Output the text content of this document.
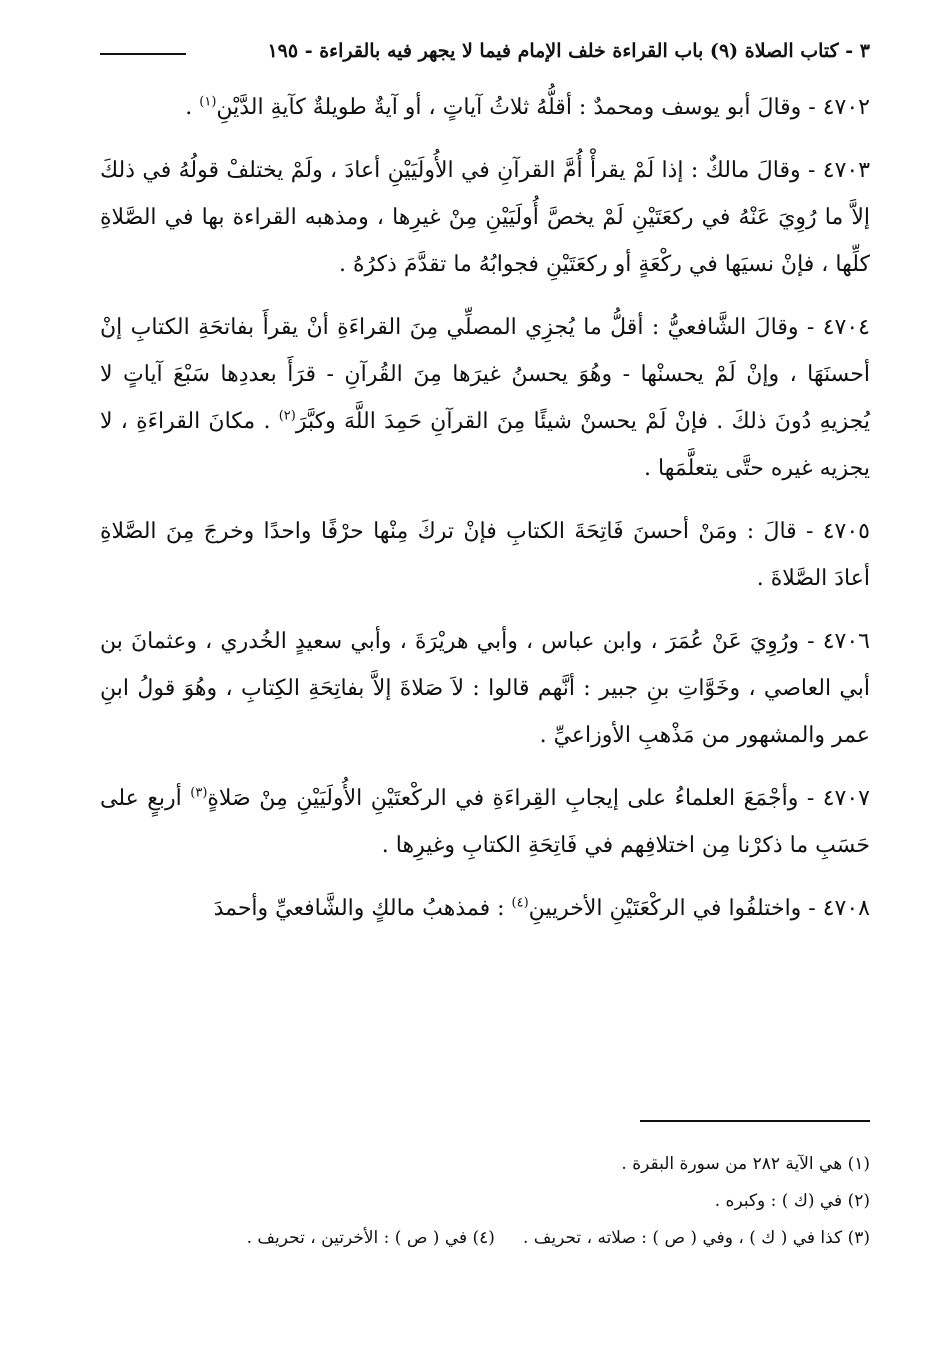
٣ - كتاب الصلاة (٩) باب القراءة خلف الإمام فيما لا يجهر فيه بالقراءة - ١٩٥

٤٧٠٢ - وقالَ أبو يوسف ومحمدٌ : أقلُّهُ ثلاثُ آياتٍ ، أو آيةٌ طويلةٌ كآيةِ الدَّيْنِ$^{(١)}$ .

٤٧٠٣ - وقالَ مالكٌ : إذا لَمْ يقرأْ أُمَّ القرآنِ في الأُولَيَيْنِ أعادَ ، ولَمْ يختلفْ قولُهُ في ذلكَ إلاَّ ما رُوِيَ عَنْهُ في ركعَتَيْنِ لَمْ يخصَّ أُولَيَيْنِ مِنْ غيرِها ، ومذهبه القراءة بها في الصَّلاةِ كلِّها ، فإنْ نسيَها في ركْعَةٍ أو ركعَتَيْنِ فجوابُهُ ما تقدَّمَ ذكرُهُ .

٤٧٠٤ - وقالَ الشَّافعيُّ : أقلُّ ما يُجزِي المصلِّي مِنَ القراءَةِ أنْ يقرأَ بفاتحَةِ الكتابِ إنْ أحسنَهَا ، وإنْ لَمْ يحسنْها - وهُوَ يحسنُ غيرَها مِنَ القُرآنِ - قرَأَ بعددِها سَبْعَ آياتٍ لا يُجزيهِ دُونَ ذلكَ . فإنْ لَمْ يحسنْ شيئًا مِنَ القرآنِ حَمِدَ اللَّهَ وكبَّرَ$^{(٢)}$ . مكانَ القراءَةِ ، لا يجزيه غيره حتَّى يتعلَّمَها .

٤٧٠٥ - قالَ : ومَنْ أحسنَ فَاتِحَةَ الكتابِ فإنْ تركَ مِنْها حرْفًا واحدًا وخرجَ مِنَ الصَّلاةِ أعادَ الصَّلاةَ .

٤٧٠٦ - ورُوِيَ عَنْ عُمَرَ ، وابن عباس ، وأبي هريْرَةَ ، وأبي سعيدٍ الخُدري ، وعثمانَ بن أبي العاصي ، وخَوَّاتِ بنِ جبير : أنَّهم قالوا : لاَ صَلاةَ إلاَّ بفاتِحَةِ الكِتابِ ، وهُوَ قولُ ابنِ عمر والمشهور من مَذْهبِ الأوزاعيِّ .

٤٧٠٧ - وأجْمَعَ العلماءُ على إيجابِ القِراءَةِ في الركْعتَيْنِ الأُولَيَيْنِ مِنْ صَلاةٍ$^{(٣)}$ أربعٍ على حَسَبِ ما ذكرْنا مِن اختلافِهم في فَاتِحَةِ الكتابِ وغيرِها .

٤٧٠٨ - واختلفُوا في الركْعَتَيْنِ الأخريينِ$^{(٤)}$ : فمذهبُ مالكٍ والشَّافعيِّ وأحمدَ

(١) هي الآية ٢٨٢ من سورة البقرة .

(٢) في (ك ) : وكبره .

(٣) كذا في ( ك ) ، وفي ( ص ) : صلاته ، تحريف .(٤) في ( ص ) : الأخرتين ، تحريف .
